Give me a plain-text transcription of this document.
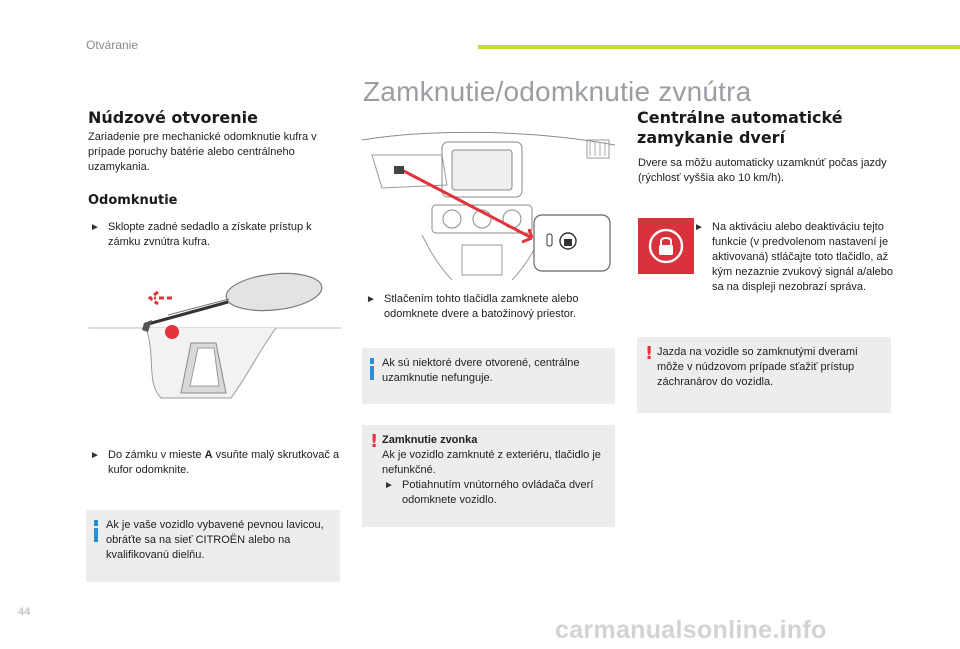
Otváranie
Zamknutie/odomknutie zvnútra
Núdzové otvorenie
Zariadenie pre mechanické odomknutie kufra v prípade poruchy batérie alebo centrálneho uzamykania.
Odomknutie
► Sklopte zadné sedadlo a získate prístup k zámku zvnútra kufra.
A
► Do zámku v mieste A vsuňte malý skrutkovač a kufor odomknite.
Ak je vaše vozidlo vybavené pevnou lavicou, obráťte sa na sieť CITROËN alebo na kvalifikovanú dielňu.
► Stlačením tohto tlačidla zamknete alebo odomknete dvere a batožinový priestor.
Ak sú niektoré dvere otvorené, centrálne uzamknutie nefunguje.
! Zamknutie zvonka
Ak je vozidlo zamknuté z exteriéru, tlačidlo je nefunkčné.
► Potiahnutím vnútorného ovládača dverí odomknete vozidlo.
Centrálne automatické zamykanie dverí
Dvere sa môžu automaticky uzamknúť počas jazdy (rýchlosť vyššia ako 10 km/h).
► Na aktiváciu alebo deaktiváciu tejto funkcie (v predvolenom nastavení je aktivovaná) stláčajte toto tlačidlo, až kým nezaznie zvukový signál a/alebo sa na displeji nezobrazí správa.
! Jazda na vozidle so zamknutými dverami môže v núdzovom prípade sťažiť prístup záchranárov do vozidla.
44
carmanualsonline.info
